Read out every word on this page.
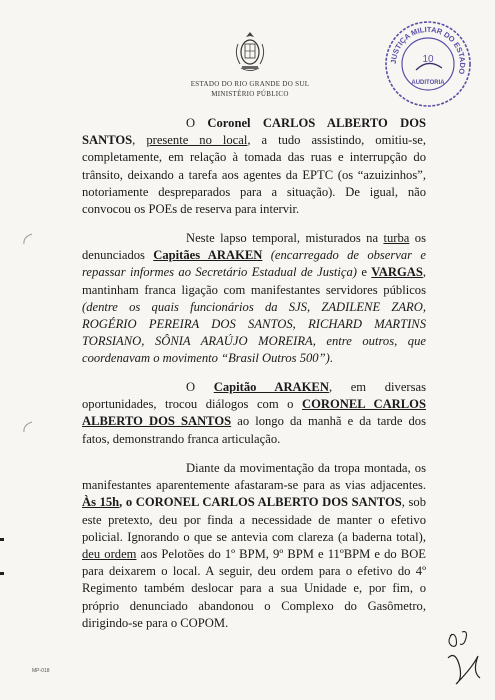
ESTADO DO RIO GRANDE DO SUL
MINISTÉRIO PÚBLICO
JUSTIÇA MILITAR DO ESTADO
10
AUDITORIA

O Coronel CARLOS ALBERTO DOS SANTOS, presente no local, a tudo assistindo, omitiu-se, completamente, em relação à tomada das ruas e interrupção do trânsito, deixando a tarefa aos agentes da EPTC (os “azuizinhos”, notoriamente despreparados para a situação). De igual, não convocou os POEs de reserva para intervir.

Neste lapso temporal, misturados na turba os denunciados Capitães ARAKEN (encarregado de observar e repassar informes ao Secretário Estadual de Justiça) e VARGAS, mantinham franca ligação com manifestantes servidores públicos (dentre os quais funcionários da SJS, ZADILENE ZARO, ROGÉRIO PEREIRA DOS SANTOS, RICHARD MARTINS TORSIANO, SÔNIA ARAÚJO MOREIRA, entre outros, que coordenavam o movimento “Brasil Outros 500”).

O Capitão ARAKEN, em diversas oportunidades, trocou diálogos com o CORONEL CARLOS ALBERTO DOS SANTOS ao longo da manhã e da tarde dos fatos, demonstrando franca articulação.

Diante da movimentação da tropa montada, os manifestantes aparentemente afastaram-se para as vias adjacentes. Às 15h, o CORONEL CARLOS ALBERTO DOS SANTOS, sob este pretexto, deu por finda a necessidade de manter o efetivo policial. Ignorando o que se antevia com clareza (a baderna total), deu ordem aos Pelotões do 1º BPM, 9º BPM e 11ºBPM e do BOE para deixarem o local. A seguir, deu ordem para o efetivo do 4º Regimento também deslocar para a sua Unidade e, por fim, o próprio denunciado abandonou o Complexo do Gasômetro, dirigindo-se para o COPOM.

MP-018
